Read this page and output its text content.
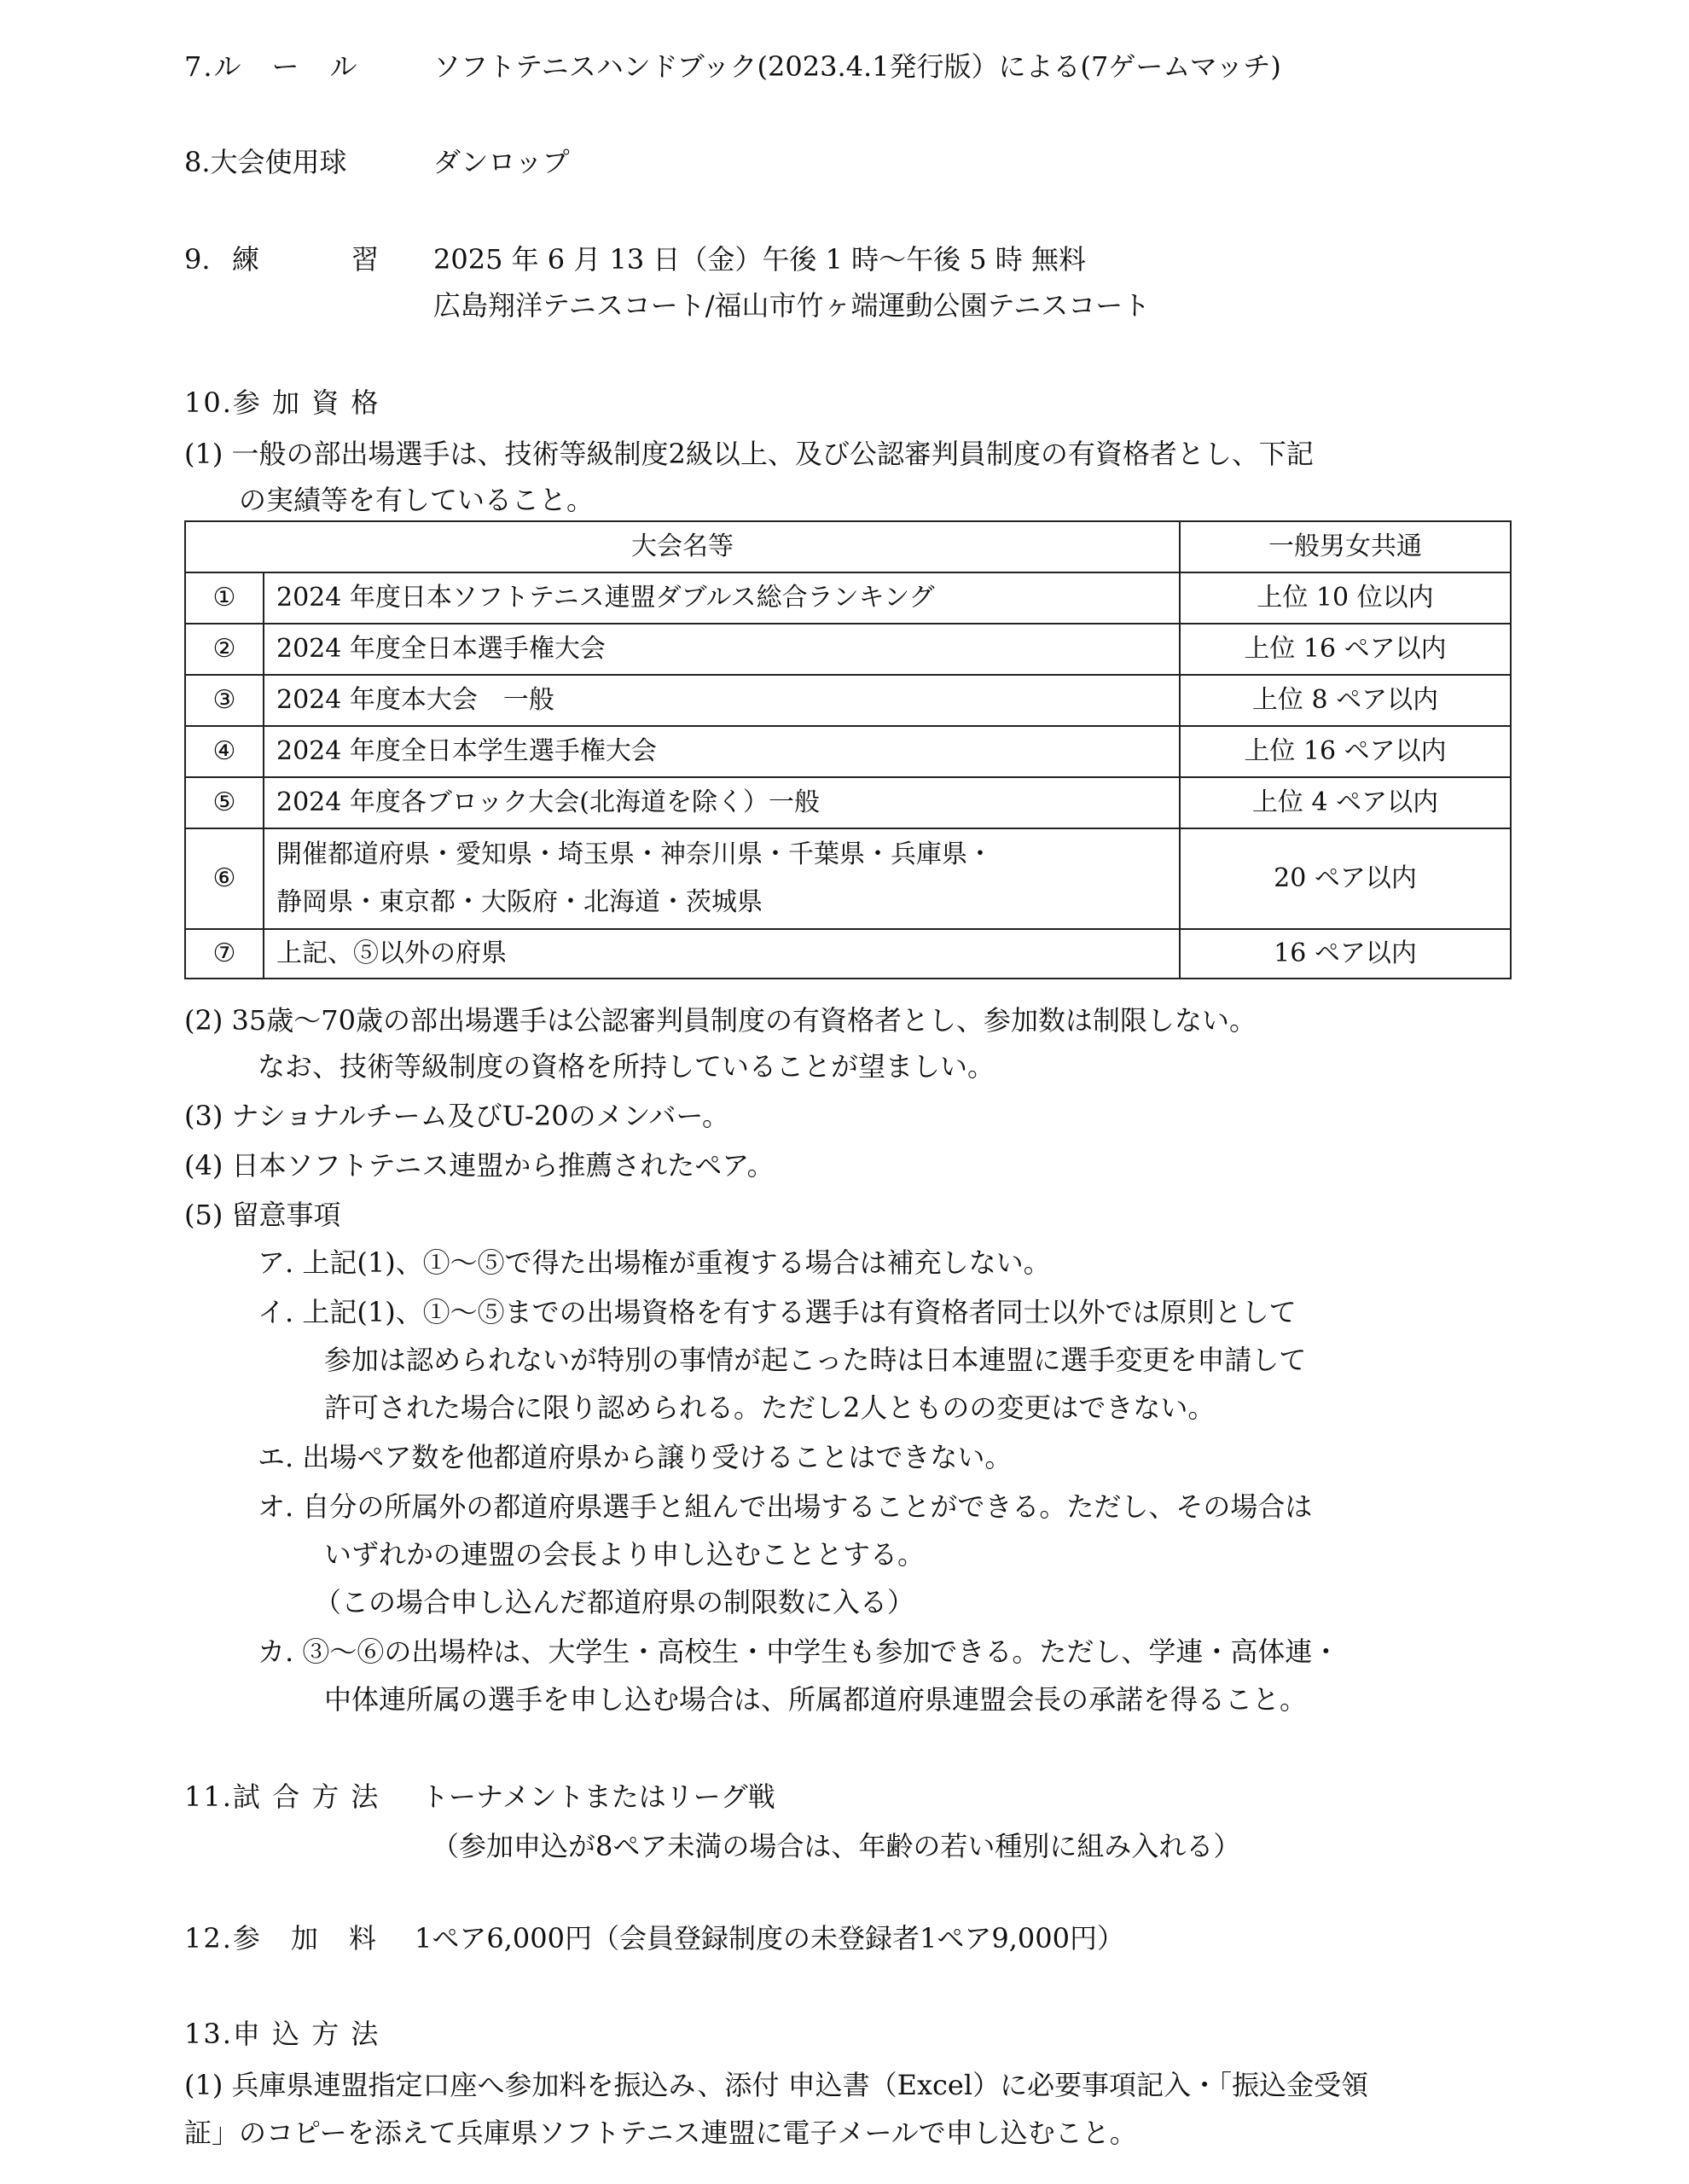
7.ル　ー　ル	ソフトテニスハンドブック(2023.4.1発行版）による(7ゲームマッチ)
8.大会使用球	ダンロップ
9. 練	習 2025 年 6 月 13 日（金）午後 1 時～午後 5 時 無料
広島翔洋テニスコート/福山市竹ヶ端運動公園テニスコート
10.参 加 資 格
(1) 一般の部出場選手は、技術等級制度2級以上、及び公認審判員制度の有資格者とし、下記
の実績等を有していること。
大会名等		一般男女共通
①	2024 年度日本ソフトテニス連盟ダブルス総合ランキング	上位 10 位以内
②	2024 年度全日本選手権大会	上位 16 ペア以内
③	2024 年度本大会　一般	上位 8 ペア以内
④	2024 年度全日本学生選手権大会	上位 16 ペア以内
⑤	2024 年度各ブロック大会(北海道を除く）一般	上位 4 ペア以内
⑥	開催都道府県・愛知県・埼玉県・神奈川県・千葉県・兵庫県・
静岡県・東京都・大阪府・北海道・茨城県	20 ペア以内
⑦	上記、⑤以外の府県	16 ペア以内
(2) 35歳～70歳の部出場選手は公認審判員制度の有資格者とし、参加数は制限しない。
なお、技術等級制度の資格を所持していることが望ましい。
(3) ナショナルチーム及びU-20のメンバー。
(4) 日本ソフトテニス連盟から推薦されたペア。
(5) 留意事項
ア. 上記(1)、①～⑤で得た出場権が重複する場合は補充しない。
イ. 上記(1)、①～⑤までの出場資格を有する選手は有資格者同士以外では原則として
参加は認められないが特別の事情が起こった時は日本連盟に選手変更を申請して
許可された場合に限り認められる。ただし2人とものの変更はできない。
エ. 出場ペア数を他都道府県から譲り受けることはできない。
オ. 自分の所属外の都道府県選手と組んで出場することができる。ただし、その場合は
いずれかの連盟の会長より申し込むこととする。
（この場合申し込んだ都道府県の制限数に入る）
カ. ③～⑥の出場枠は、大学生・高校生・中学生も参加できる。ただし、学連・高体連・
中体連所属の選手を申し込む場合は、所属都道府県連盟会長の承諾を得ること。
11.試 合 方 法 トーナメントまたはリーグ戦
（参加申込が8ペア未満の場合は、年齢の若い種別に組み入れる）
12.参　加　料 1ペア6,000円（会員登録制度の未登録者1ペア9,000円）
13.申 込 方 法
(1) 兵庫県連盟指定口座へ参加料を振込み、添付 申込書（Excel）に必要事項記入・「振込金受領
証」のコピーを添えて兵庫県ソフトテニス連盟に電子メールで申し込むこと。
